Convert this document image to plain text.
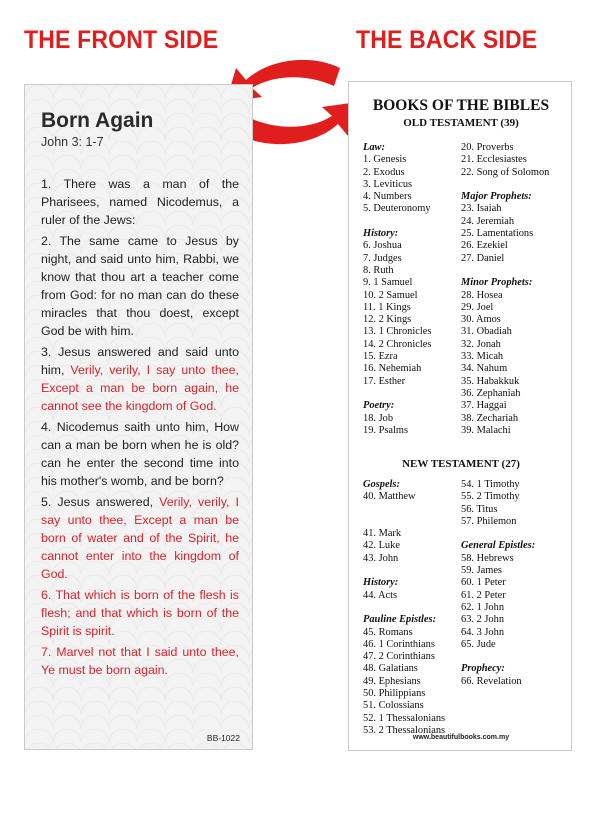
THE FRONT SIDE	THE BACK SIDE
Born Again
John 3: 1-7
1. There was a man of the Pharisees, named Nicodemus, a ruler of the Jews:
2. The same came to Jesus by night, and said unto him, Rabbi, we know that thou art a teacher come from God: for no man can do these miracles that thou doest, except God be with him.
3. Jesus answered and said unto him, Verily, verily, I say unto thee, Except a man be born again, he cannot see the kingdom of God.
4. Nicodemus saith unto him, How can a man be born when he is old? can he enter the second time into his mother's womb, and be born?
5. Jesus answered, Verily, verily, I say unto thee, Except a man be born of water and of the Spirit, he cannot enter into the kingdom of God.
6. That which is born of the flesh is flesh; and that which is born of the Spirit is spirit.
7. Marvel not that I said unto thee, Ye must be born again.
BB-1022
BOOKS OF THE BIBLES
OLD TESTAMENT (39)
Law:
1. Genesis
2. Exodus
3. Leviticus
4. Numbers
5. Deuteronomy
History:
6. Joshua
7. Judges
8. Ruth
9. 1 Samuel
10. 2 Samuel
11. 1 Kings
12. 2 Kings
13. 1 Chronicles
14. 2 Chronicles
15. Ezra
16. Nehemiah
17. Esther
Poetry:
18. Job
19. Psalms
20. Proverbs
21. Ecclesiastes
22. Song of Solomon
Major Prophets:
23. Isaiah
24. Jeremiah
25. Lamentations
26. Ezekiel
27. Daniel
Minor Prophets:
28. Hosea
29. Joel
30. Amos
31. Obadiah
32. Jonah
33. Micah
34. Nahum
35. Habakkuk
36. Zephaniah
37. Haggai
38. Zechariah
39. Malachi
NEW TESTAMENT (27)
Gospels:
40. Matthew
41. Mark
42. Luke
43. John
History:
44. Acts
Pauline Epistles:
45. Romans
46. 1 Corinthians
47. 2 Corinthians
48. Galatians
49. Ephesians
50. Philippians
51. Colossians
52. 1 Thessalonians
53. 2 Thessalonians
54. 1 Timothy
55. 2 Timothy
56. Titus
57. Philemon
General Epistles:
58. Hebrews
59. James
60. 1 Peter
61. 2 Peter
62. 1 John
63. 2 John
64. 3 John
65. Jude
Prophecy:
66. Revelation
www.beautifulbooks.com.my
